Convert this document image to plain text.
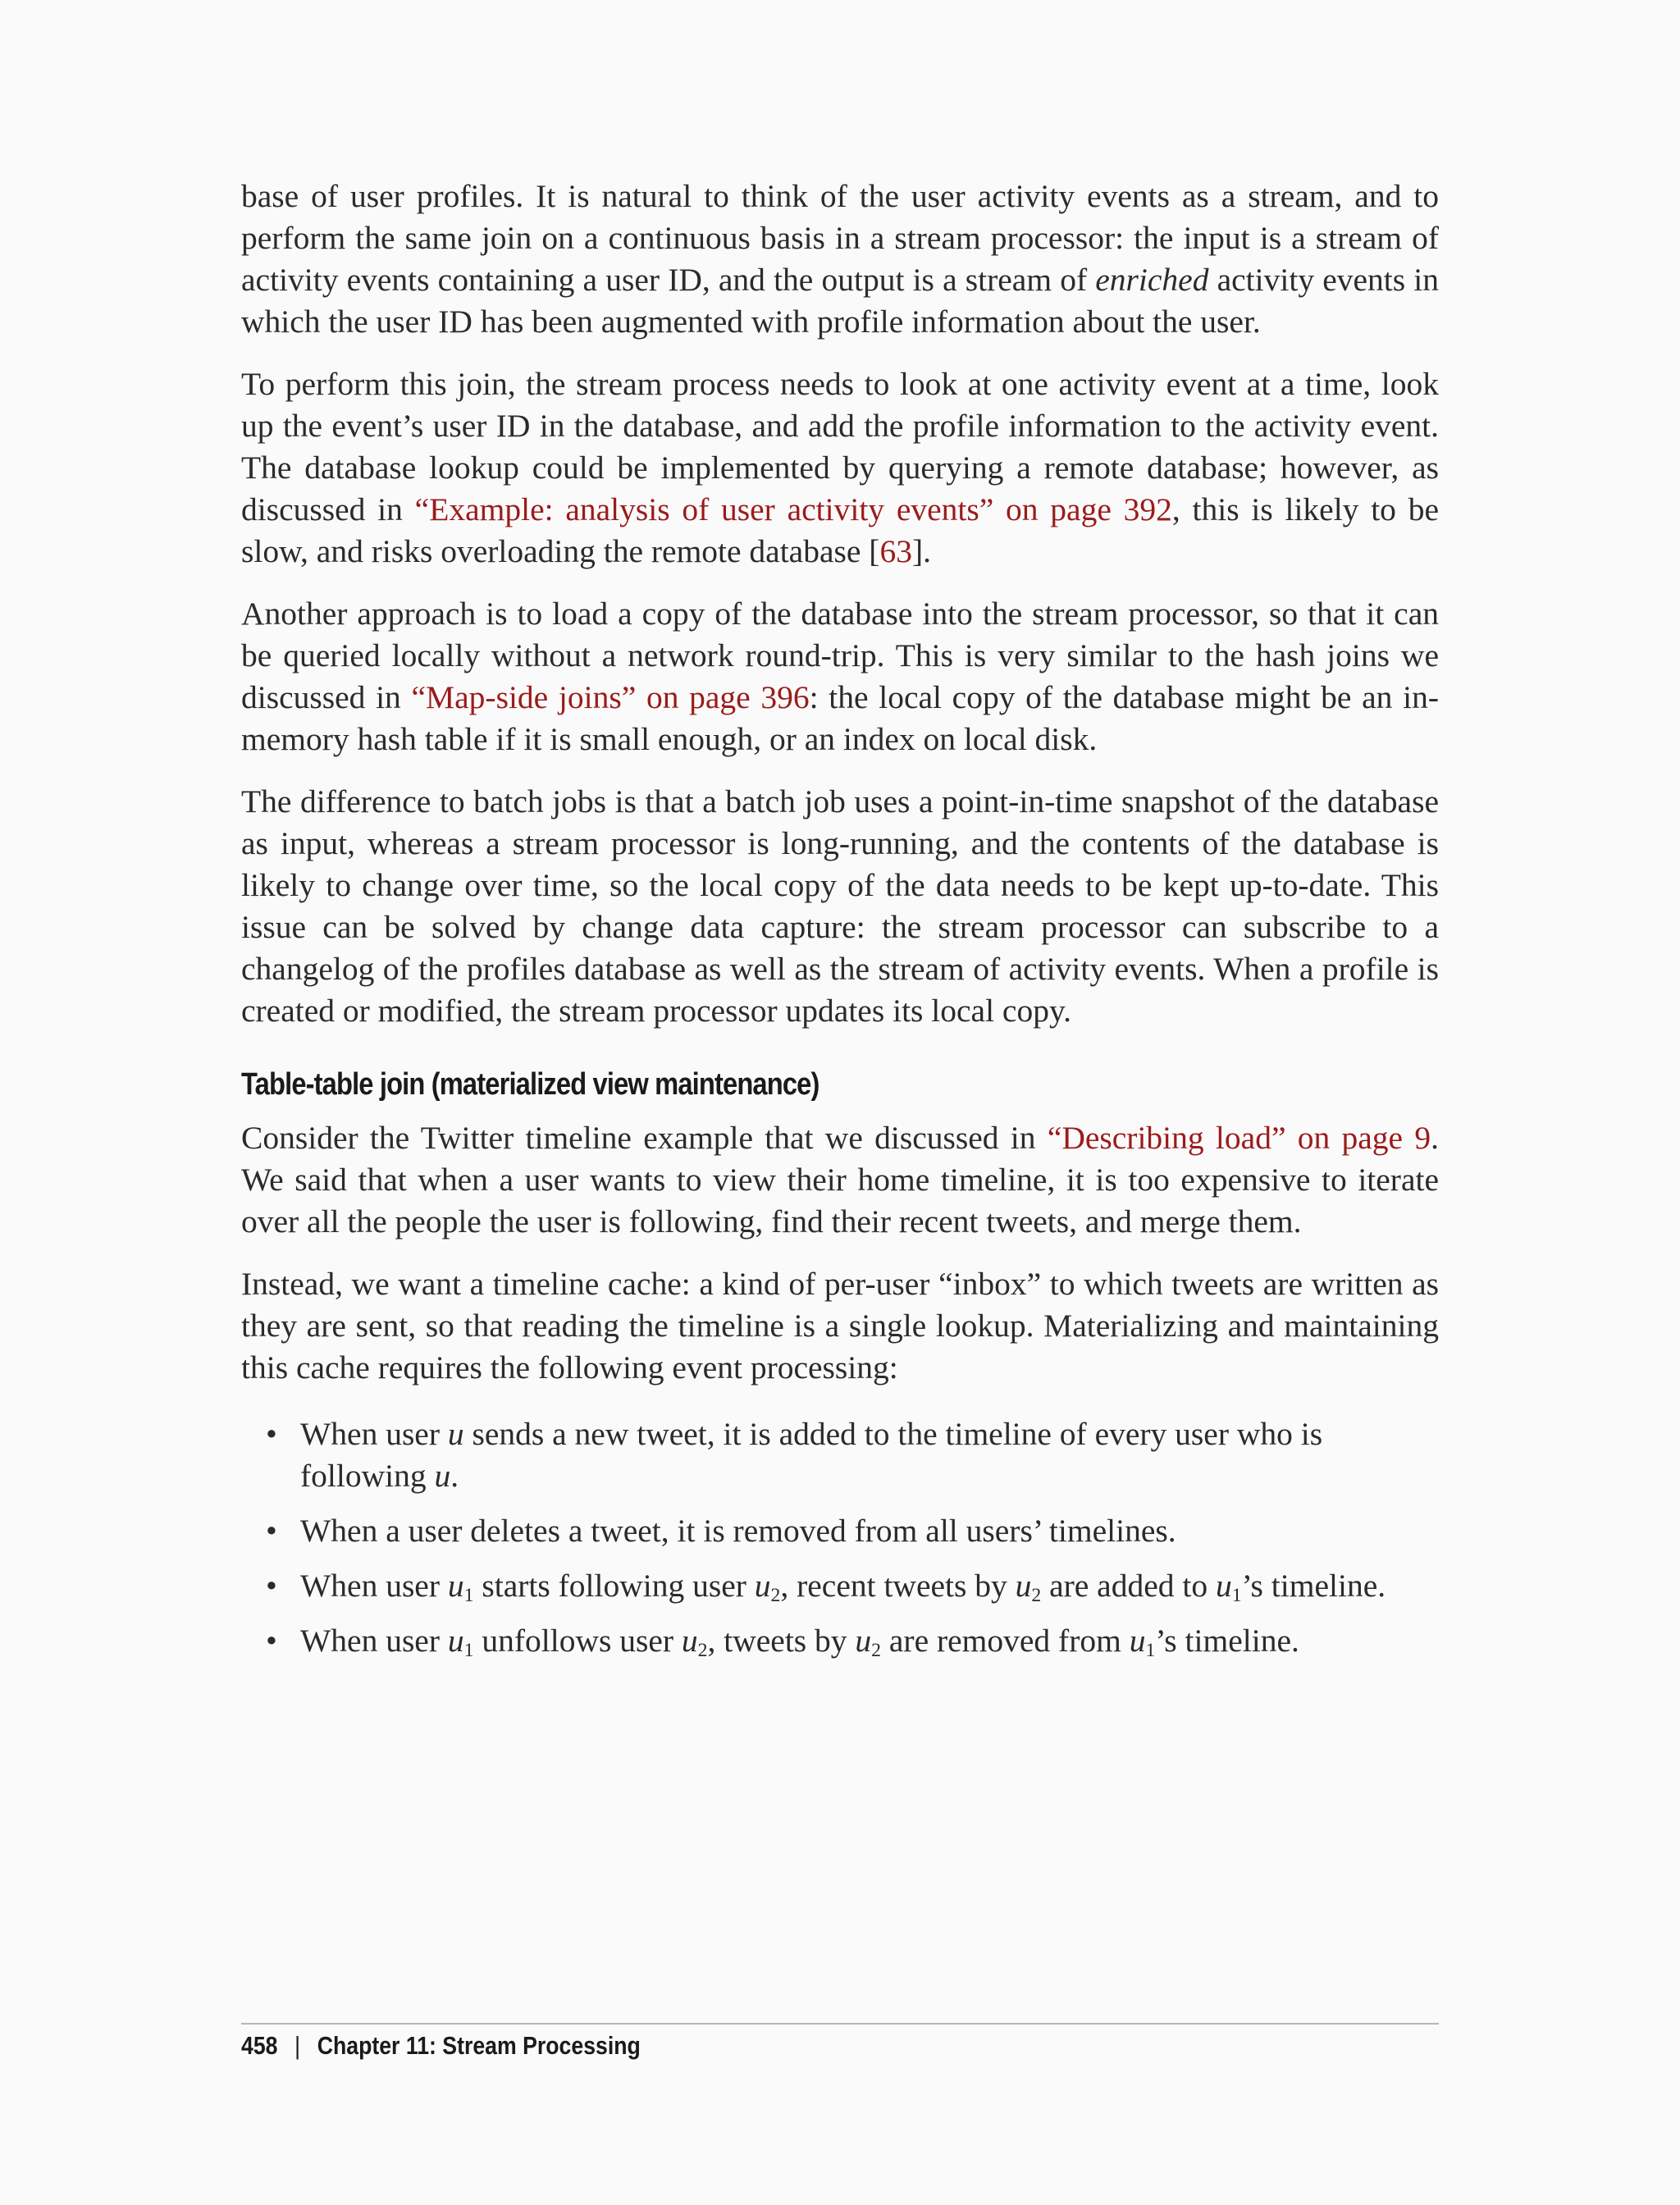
base of user profiles. It is natural to think of the user activity events as a stream, and to perform the same join on a continuous basis in a stream processor: the input is a stream of activity events containing a user ID, and the output is a stream of enriched activity events in which the user ID has been augmented with profile information about the user.

To perform this join, the stream process needs to look at one activity event at a time, look up the event’s user ID in the database, and add the profile information to the activity event. The database lookup could be implemented by querying a remote database; however, as discussed in “Example: analysis of user activity events” on page 392, this is likely to be slow, and risks overloading the remote database [63].

Another approach is to load a copy of the database into the stream processor, so that it can be queried locally without a network round-trip. This is very similar to the hash joins we discussed in “Map-side joins” on page 396: the local copy of the database might be an in-memory hash table if it is small enough, or an index on local disk.

The difference to batch jobs is that a batch job uses a point-in-time snapshot of the database as input, whereas a stream processor is long-running, and the contents of the database is likely to change over time, so the local copy of the data needs to be kept up-to-date. This issue can be solved by change data capture: the stream processor can subscribe to a changelog of the profiles database as well as the stream of activity events. When a profile is created or modified, the stream processor updates its local copy.

Table-table join (materialized view maintenance)

Consider the Twitter timeline example that we discussed in “Describing load” on page 9. We said that when a user wants to view their home timeline, it is too expensive to iterate over all the people the user is following, find their recent tweets, and merge them.

Instead, we want a timeline cache: a kind of per-user “inbox” to which tweets are written as they are sent, so that reading the timeline is a single lookup. Materializing and maintaining this cache requires the following event processing:

• When user u sends a new tweet, it is added to the timeline of every user who is following u.
• When a user deletes a tweet, it is removed from all users’ timelines.
• When user $u_1$ starts following user $u_2$, recent tweets by $u_2$ are added to $u_1’s$ timeline.
• When user $u_1$ unfollows user $u_2$, tweets by $u_2$ are removed from $u_1’s$ timeline.
458 | Chapter 11: Stream Processing
